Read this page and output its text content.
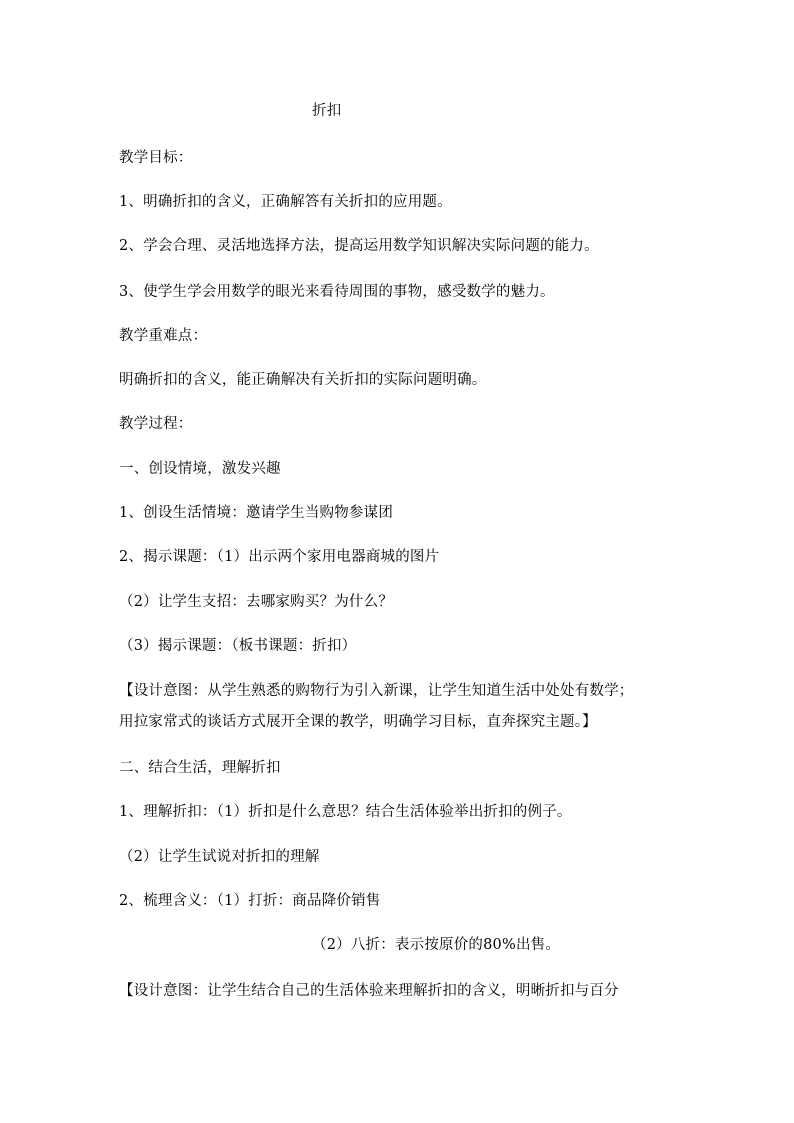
折扣
教学目标：
1、明确折扣的含义，正确解答有关折扣的应用题。
2、学会合理、灵活地选择方法，提高运用数学知识解决实际问题的能力。
3、使学生学会用数学的眼光来看待周围的事物，感受数学的魅力。
教学重难点：
明确折扣的含义，能正确解决有关折扣的实际问题明确。
教学过程：
一、创设情境，激发兴趣
1、创设生活情境：邀请学生当购物参谋团
2、揭示课题：（1）出示两个家用电器商城的图片
（2）让学生支招：去哪家购买？为什么？
（3）揭示课题：（板书课题：折扣）
【设计意图：从学生熟悉的购物行为引入新课，让学生知道生活中处处有数学；
用拉家常式的谈话方式展开全课的教学，明确学习目标，直奔探究主题。】
二、结合生活，理解折扣
1、理解折扣：（1）折扣是什么意思？结合生活体验举出折扣的例子。
（2）让学生试说对折扣的理解
2、梳理含义：（1）打折：商品降价销售
（2）八折：表示按原价的80%出售。
【设计意图：让学生结合自己的生活体验来理解折扣的含义，明晰折扣与百分
